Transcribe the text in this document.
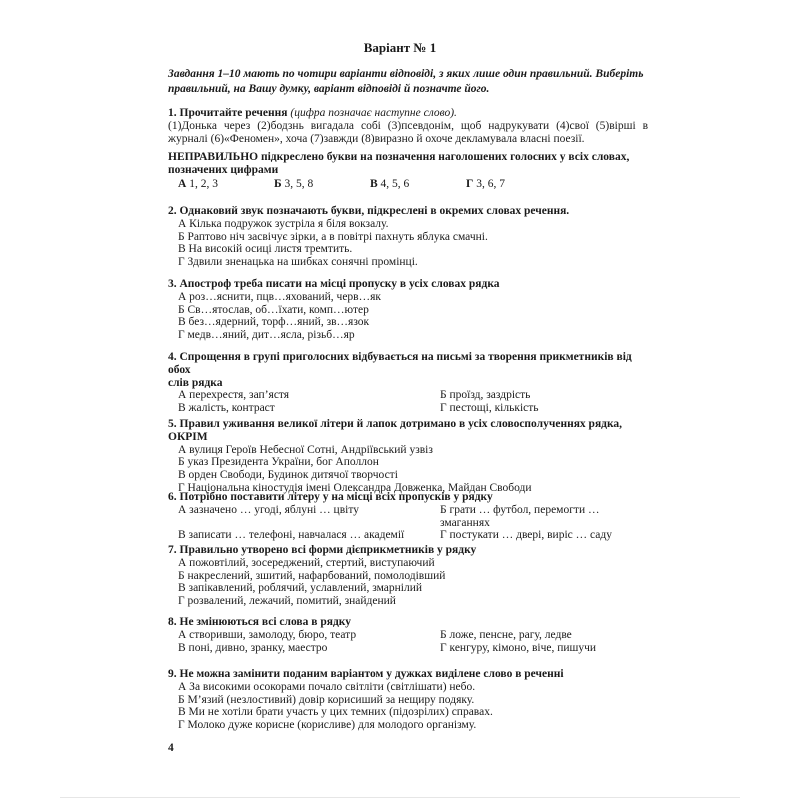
Варіант № 1
Завдання 1–10 мають по чотири варіанти відповіді, з яких лише один правильний. Виберіть правильний, на Вашу думку, варіант відповіді й позначте його.
1. Прочитайте речення (цифра позначає наступне слово).
(1)Донька через (2)бодзнь вигадала собі (3)псевдонім, щоб надрукувати (4)свої (5)вірші в журналі (6)«Феномен», хоча (7)завжди (8)виразно й охоче декламувала власні поезії.
НЕПРАВИЛЬНО підкреслено букви на позначення наголошених голосних у всіх словах, позначених цифрами
А 1, 2, 3	Б 3, 5, 8	В 4, 5, 6	Г 3, 6, 7
2. Однаковий звук позначають букви, підкреслені в окремих словах речення.
А Кілька подружок зустріла я біля вокзалу.
Б Раптово ніч засвічує зірки, а в повітрі пахнуть яблука смачні.
В На високій осиці листя тремтить.
Г Здвили зненацька на шибках сонячні промінці.
3. Апостроф треба писати на місці пропуску в усіх словах рядка
А роз…яснити, пцв…яхований, черв…як
Б Св…ятослав, об…їхати, комп…ютер
В без…ядерний, торф…яний, зв…язок
Г медв…яний, дит…ясла, різьб…яр
4. Спрощення в групі приголосних відбувається на письмі за творення прикметників від обох
слів рядка
А перехрестя, зап’ястя	Б проїзд, заздрість
В жалість, контраст	Г пестощі, кількість
5. Правил уживання великої літери й лапок дотримано в усіх словосполученнях рядка, ОКРІМ
А вулиця Героїв Небесної Сотні, Андріївський узвіз
Б указ Президента України, бог Аполлон
В орден Свободи, Будинок дитячої творчості
Г Національна кіностудія імені Олександра Довженка, Майдан Свободи
6. Потрібно поставити літеру у на місці всіх пропусків у рядку
А зазначено … угоді, яблуні … цвіту	Б грати … футбол, перемогти … змаганнях
В записати … телефоні, навчалася … академії	Г постукати … двері, виріс … саду
7. Правильно утворено всі форми дієприкметників у рядку
А пожовтілий, зосереджений, стертий, виступаючий
Б накреслений, зшитий, нафарбований, помолодівший
В запікавлений, роблячий, уславлений, змарнілий
Г розвалений, лежачий, помитий, знайдений
8. Не змінюються всі слова в рядку
А створивши, замолоду, бюро, театр	Б ложе, пенсне, рагу, ледве
В поні, дивно, зранку, маестро	Г кенгуру, кімоно, віче, пишучи
9. Не можна замінити поданим варіантом у дужках виділене слово в реченні
А За високими осокорами почало світліти (світлішати) небо.
Б М’язий (незлостивий) довір корисиший за нещиру подяку.
В Ми не хотіли брати участь у цих темних (підозрілих) справах.
Г Молоко дуже корисне (корисливе) для молодого організму.
4
